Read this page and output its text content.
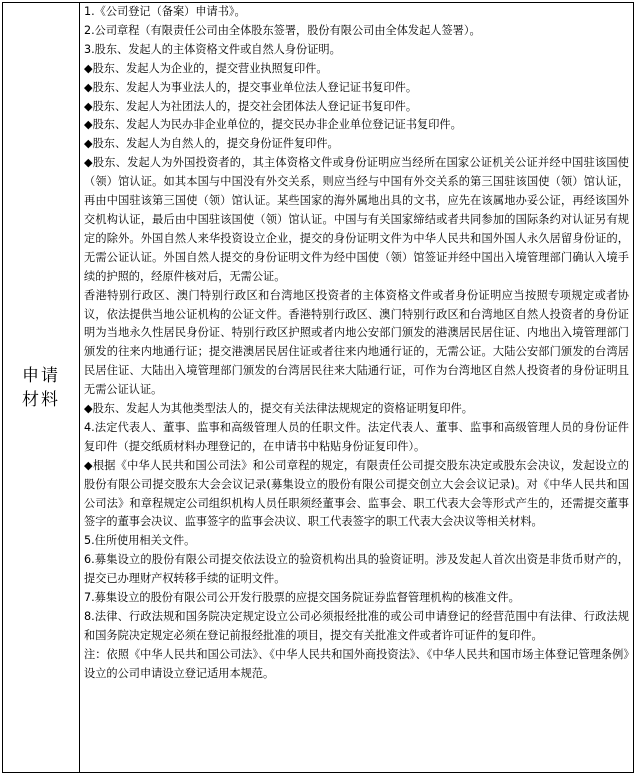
申请材料

1.《公司登记（备案）申请书》。

2.公司章程（有限责任公司由全体股东签署，股份有限公司由全体发起人签署）。

3.股东、发起人的主体资格文件或自然人身份证明。

◆股东、发起人为企业的，提交营业执照复印件。

◆股东、发起人为事业法人的，提交事业单位法人登记证书复印件。

◆股东、发起人为社团法人的，提交社会团体法人登记证书复印件。

◆股东、发起人为民办非企业单位的，提交民办非企业单位登记证书复印件。

◆股东、发起人为自然人的，提交身份证件复印件。

◆股东、发起人为外国投资者的，其主体资格文件或身份证明应当经所在国家公证机关公证并经中国驻该国使（领）馆认证。如其本国与中国没有外交关系，则应当经与中国有外交关系的第三国驻该国使（领）馆认证，再由中国驻该第三国使（领）馆认证。某些国家的海外属地出具的文书，应先在该属地办妥公证，再经该国外交机构认证，最后由中国驻该国使（领）馆认证。中国与有关国家缔结或者共同参加的国际条约对认证另有规定的除外。外国自然人来华投资设立企业，提交的身份证明文件为中华人民共和国外国人永久居留身份证的，无需公证认证。外国自然人提交的身份证明文件为经中国使（领）馆签证并经中国出入境管理部门确认入境手续的护照的，经原件核对后，无需公证。

香港特别行政区、澳门特别行政区和台湾地区投资者的主体资格文件或者身份证明应当按照专项规定或者协议，依法提供当地公证机构的公证文件。香港特别行政区、澳门特别行政区和台湾地区自然人投资者的身份证明为当地永久性居民身份证、特别行政区护照或者内地公安部门颁发的港澳居民居住证、内地出入境管理部门颁发的往来内地通行证；提交港澳居民居住证或者往来内地通行证的，无需公证。大陆公安部门颁发的台湾居民居住证、大陆出入境管理部门颁发的台湾居民往来大陆通行证，可作为台湾地区自然人投资者的身份证明且无需公证认证。

◆股东、发起人为其他类型法人的，提交有关法律法规规定的资格证明复印件。

4.法定代表人、董事、监事和高级管理人员的任职文件。法定代表人、董事、监事和高级管理人员的身份证件复印件（提交纸质材料办理登记的，在申请书中粘贴身份证复印件）。

◆根据《中华人民共和国公司法》和公司章程的规定，有限责任公司提交股东决定或股东会决议，发起设立的股份有限公司提交股东大会会议记录(募集设立的股份有限公司提交创立大会会议记录)。对《中华人民共和国公司法》和章程规定公司组织机构人员任职须经董事会、监事会、职工代表大会等形式产生的，还需提交董事签字的董事会决议、监事签字的监事会决议、职工代表签字的职工代表大会决议等相关材料。

5.住所使用相关文件。

6.募集设立的股份有限公司提交依法设立的验资机构出具的验资证明。涉及发起人首次出资是非货币财产的，提交已办理财产权转移手续的证明文件。

7.募集设立的股份有限公司公开发行股票的应提交国务院证券监督管理机构的核准文件。

8.法律、行政法规和国务院决定规定设立公司必须报经批准的或公司申请登记的经营范围中有法律、行政法规和国务院决定规定必须在登记前报经批准的项目，提交有关批准文件或者许可证件的复印件。

注：依照《中华人民共和国公司法》、《中华人民共和国外商投资法》、《中华人民共和国市场主体登记管理条例》设立的公司申请设立登记适用本规范。
